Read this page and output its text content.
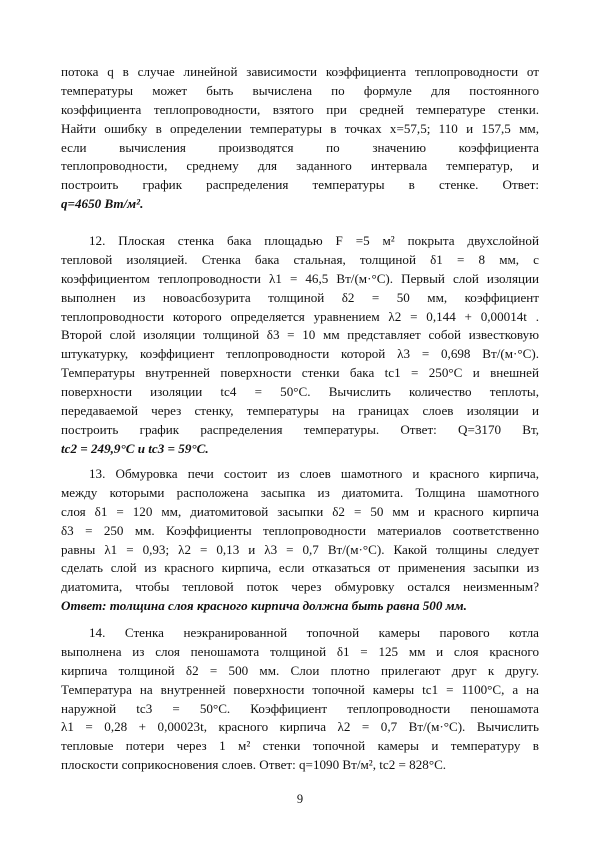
потока q в случае линейной зависимости коэффициента теплопроводности от
температуры может быть вычислена по формуле для постоянного
коэффициента теплопроводности, взятого при средней температуре стенки.
Найти ошибку в определении температуры в точках x=57,5; 110 и 157,5 мм,
если вычисления производятся по значению коэффициента
теплопроводности, среднему для заданного интервала температур, и
построить график распределения температуры в стенке. Ответ:
q=4650 Вт/м².
12. Плоская стенка бака площадью F =5 м² покрыта двухслойной
тепловой изоляцией. Стенка бака стальная, толщиной δ1 = 8 мм, с
коэффициентом теплопроводности λ1 = 46,5 Вт/(м·°С). Первый слой изоляции
выполнен из новоасбозурита толщиной δ2 = 50 мм, коэффициент
теплопроводности которого определяется уравнением λ2 = 0,144 + 0,00014t .
Второй слой изоляции толщиной δ3 = 10 мм представляет собой известковую
штукатурку, коэффициент теплопроводности которой λ3 = 0,698 Вт/(м·°С).
Температуры внутренней поверхности стенки бака tc1 = 250°С и внешней
поверхности изоляции tc4 = 50°С. Вычислить количество теплоты,
передаваемой через стенку, температуры на границах слоев изоляции и
построить график распределения температуры. Ответ: Q=3170 Вт,
tc2 = 249,9°С и tc3 = 59°С.
13. Обмуровка печи состоит из слоев шамотного и красного кирпича,
между которыми расположена засыпка из диатомита. Толщина шамотного
слоя δ1 = 120 мм, диатомитовой засыпки δ2 = 50 мм и красного кирпича
δ3 = 250 мм. Коэффициенты теплопроводности материалов соответственно
равны λ1 = 0,93; λ2 = 0,13 и λ3 = 0,7 Вт/(м·°С). Какой толщины следует
сделать слой из красного кирпича, если отказаться от применения засыпки из
диатомита, чтобы тепловой поток через обмуровку остался неизменным?
Ответ: толщина слоя красного кирпича должна быть равна 500 мм.
14. Стенка неэкранированной топочной камеры парового котла
выполнена из слоя пеношамота толщиной δ1 = 125 мм и слоя красного
кирпича толщиной δ2 = 500 мм. Слои плотно прилегают друг к другу.
Температура на внутренней поверхности топочной камеры tc1 = 1100°С, а на
наружной tc3 = 50°С. Коэффициент теплопроводности пеношамота
λ1 = 0,28 + 0,00023t, красного кирпича λ2 = 0,7 Вт/(м·°С). Вычислить
тепловые потери через 1 м² стенки топочной камеры и температуру в
плоскости соприкосновения слоев. Ответ: q=1090 Вт/м², tc2 = 828°С.
9
